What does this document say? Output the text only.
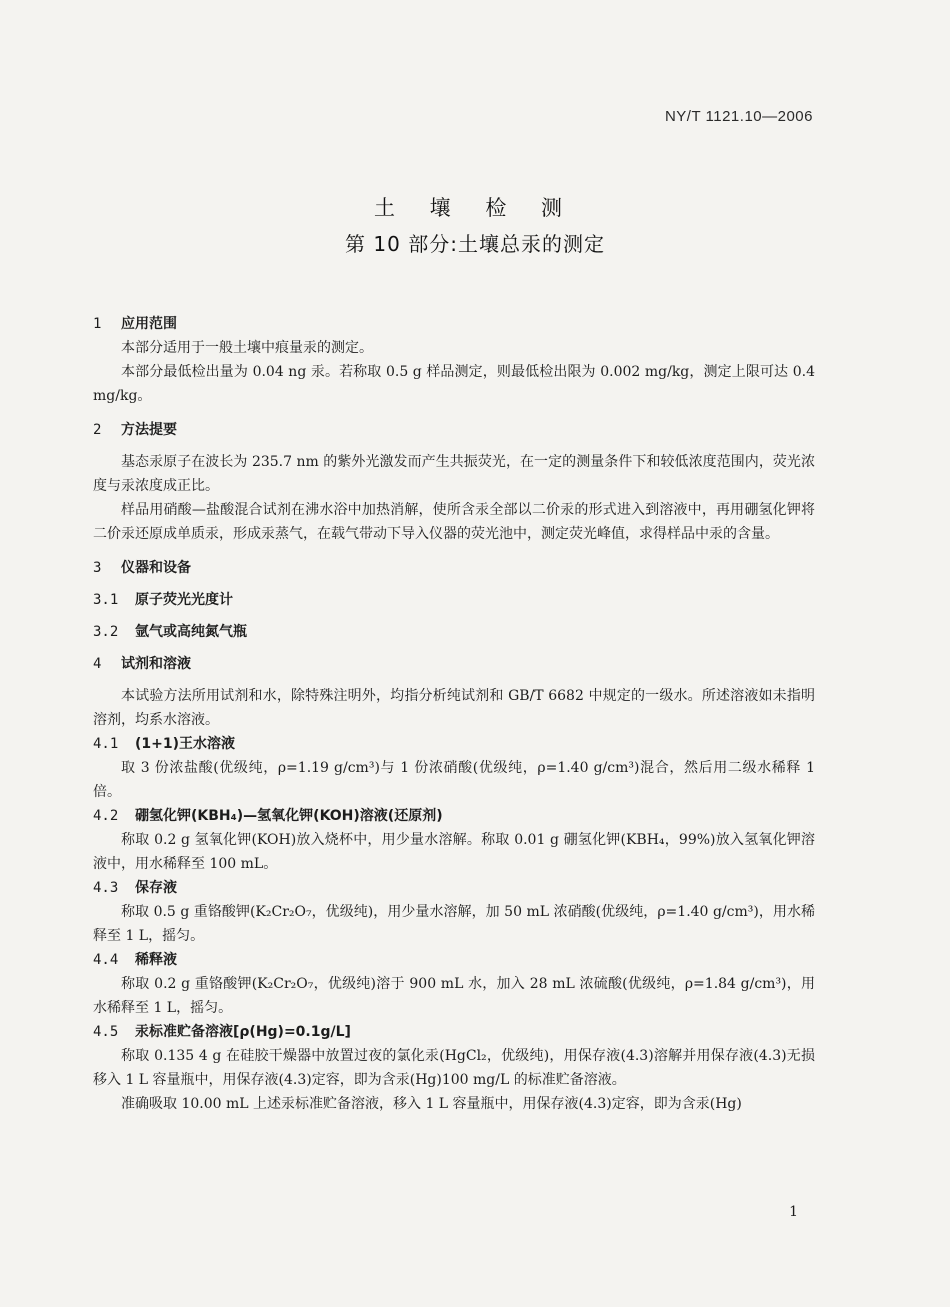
NY/T 1121.10—2006
土 壤 检 测
第 10 部分:土壤总汞的测定
1 应用范围
本部分适用于一般土壤中痕量汞的测定。
本部分最低检出量为 0.04 ng 汞。若称取 0.5 g 样品测定，则最低检出限为 0.002 mg/kg，测定上限可达 0.4 mg/kg。
2 方法提要
基态汞原子在波长为 235.7 nm 的紫外光激发而产生共振荧光，在一定的测量条件下和较低浓度范围内，荧光浓度与汞浓度成正比。
样品用硝酸—盐酸混合试剂在沸水浴中加热消解，使所含汞全部以二价汞的形式进入到溶液中，再用硼氢化钾将二价汞还原成单质汞，形成汞蒸气，在载气带动下导入仪器的荧光池中，测定荧光峰值，求得样品中汞的含量。
3 仪器和设备
3.1 原子荧光光度计
3.2 氩气或高纯氮气瓶
4 试剂和溶液
本试验方法所用试剂和水，除特殊注明外，均指分析纯试剂和 GB/T 6682 中规定的一级水。所述溶液如未指明溶剂，均系水溶液。
4.1 (1+1)王水溶液
取 3 份浓盐酸(优级纯，ρ=1.19 g/cm³)与 1 份浓硝酸(优级纯，ρ=1.40 g/cm³)混合，然后用二级水稀释 1 倍。
4.2 硼氢化钾(KBH₄)—氢氧化钾(KOH)溶液(还原剂)
称取 0.2 g 氢氧化钾(KOH)放入烧杯中，用少量水溶解。称取 0.01 g 硼氢化钾(KBH₄，99%)放入氢氧化钾溶液中，用水稀释至 100 mL。
4.3 保存液
称取 0.5 g 重铬酸钾(K₂Cr₂O₇，优级纯)，用少量水溶解，加 50 mL 浓硝酸(优级纯，ρ=1.40 g/cm³)，用水稀释至 1 L，摇匀。
4.4 稀释液
称取 0.2 g 重铬酸钾(K₂Cr₂O₇，优级纯)溶于 900 mL 水，加入 28 mL 浓硫酸(优级纯，ρ=1.84 g/cm³)，用水稀释至 1 L，摇匀。
4.5 汞标准贮备溶液[ρ(Hg)=0.1g/L]
称取 0.135 4 g 在硅胶干燥器中放置过夜的氯化汞(HgCl₂，优级纯)，用保存液(4.3)溶解并用保存液(4.3)无损移入 1 L 容量瓶中，用保存液(4.3)定容，即为含汞(Hg)100 mg/L 的标准贮备溶液。
准确吸取 10.00 mL 上述汞标准贮备溶液，移入 1 L 容量瓶中，用保存液(4.3)定容，即为含汞(Hg)
1
